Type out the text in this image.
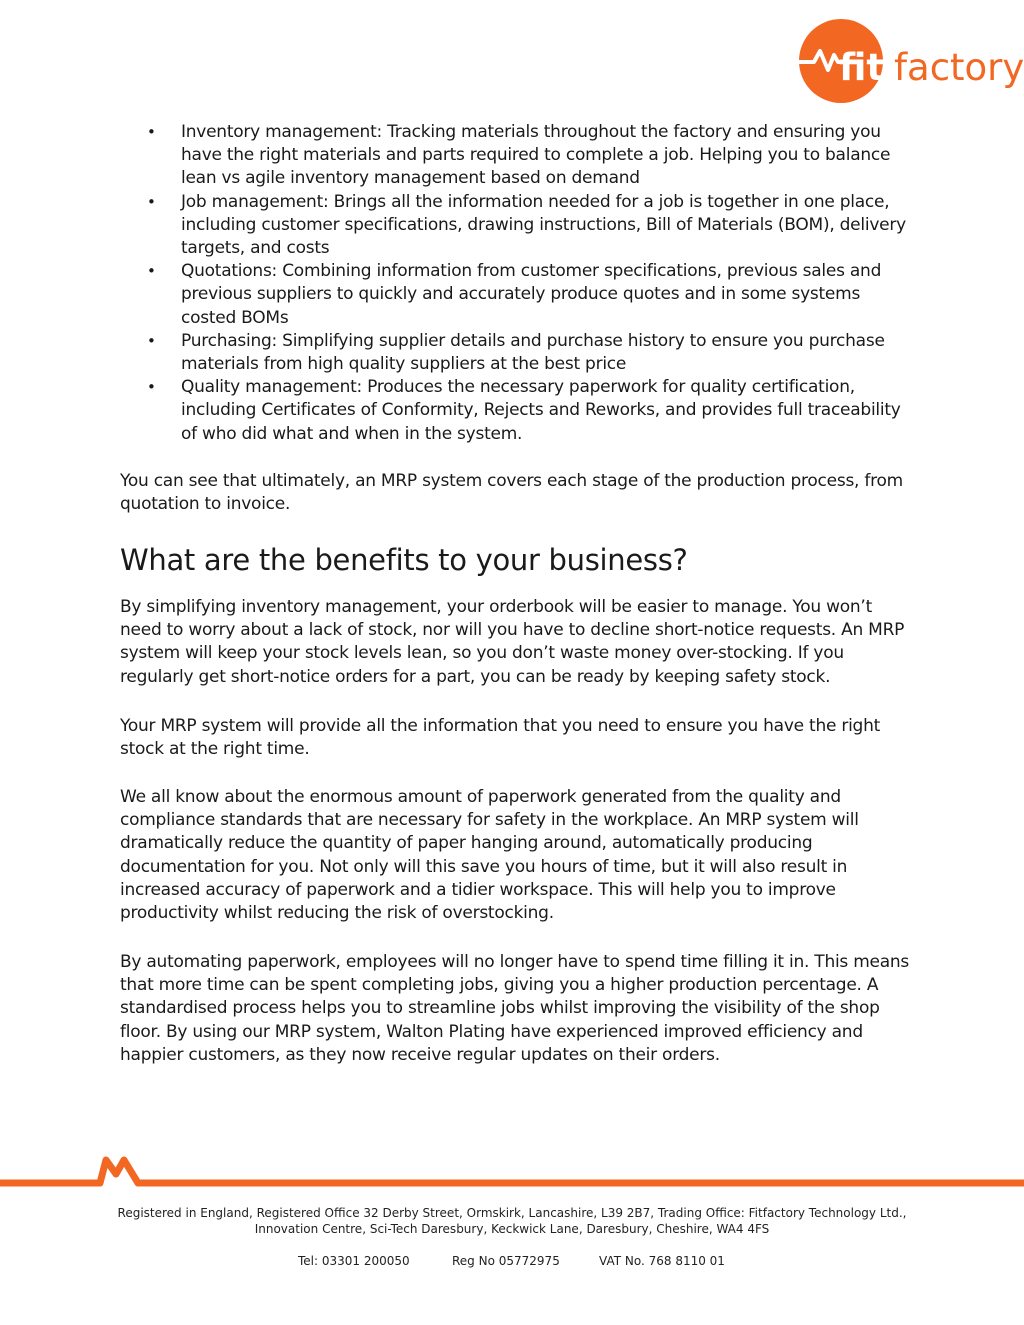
fit factory
• Inventory management: Tracking materials throughout the factory and ensuring you have the right materials and parts required to complete a job. Helping you to balance lean vs agile inventory management based on demand
• Job management: Brings all the information needed for a job is together in one place, including customer specifications, drawing instructions, Bill of Materials (BOM), delivery targets, and costs
• Quotations: Combining information from customer specifications, previous sales and previous suppliers to quickly and accurately produce quotes and in some systems costed BOMs
• Purchasing: Simplifying supplier details and purchase history to ensure you purchase materials from high quality suppliers at the best price
• Quality management: Produces the necessary paperwork for quality certification, including Certificates of Conformity, Rejects and Reworks, and provides full traceability of who did what and when in the system.

You can see that ultimately, an MRP system covers each stage of the production process, from quotation to invoice.

What are the benefits to your business?

By simplifying inventory management, your orderbook will be easier to manage. You won’t need to worry about a lack of stock, nor will you have to decline short-notice requests. An MRP system will keep your stock levels lean, so you don’t waste money over-stocking. If you regularly get short-notice orders for a part, you can be ready by keeping safety stock.

Your MRP system will provide all the information that you need to ensure you have the right stock at the right time.

We all know about the enormous amount of paperwork generated from the quality and compliance standards that are necessary for safety in the workplace. An MRP system will dramatically reduce the quantity of paper hanging around, automatically producing documentation for you. Not only will this save you hours of time, but it will also result in increased accuracy of paperwork and a tidier workspace. This will help you to improve productivity whilst reducing the risk of overstocking.

By automating paperwork, employees will no longer have to spend time filling it in. This means that more time can be spent completing jobs, giving you a higher production percentage. A standardised process helps you to streamline jobs whilst improving the visibility of the shop floor. By using our MRP system, Walton Plating have experienced improved efficiency and happier customers, as they now receive regular updates on their orders.

Registered in England, Registered Office 32 Derby Street, Ormskirk, Lancashire, L39 2B7, Trading Office: Fitfactory Technology Ltd.,

Innovation Centre, Sci-Tech Daresbury, Keckwick Lane, Daresbury, Cheshire, WA4 4FS

Tel: 03301 200050	Reg No 05772975	VAT No. 768 8110 01
